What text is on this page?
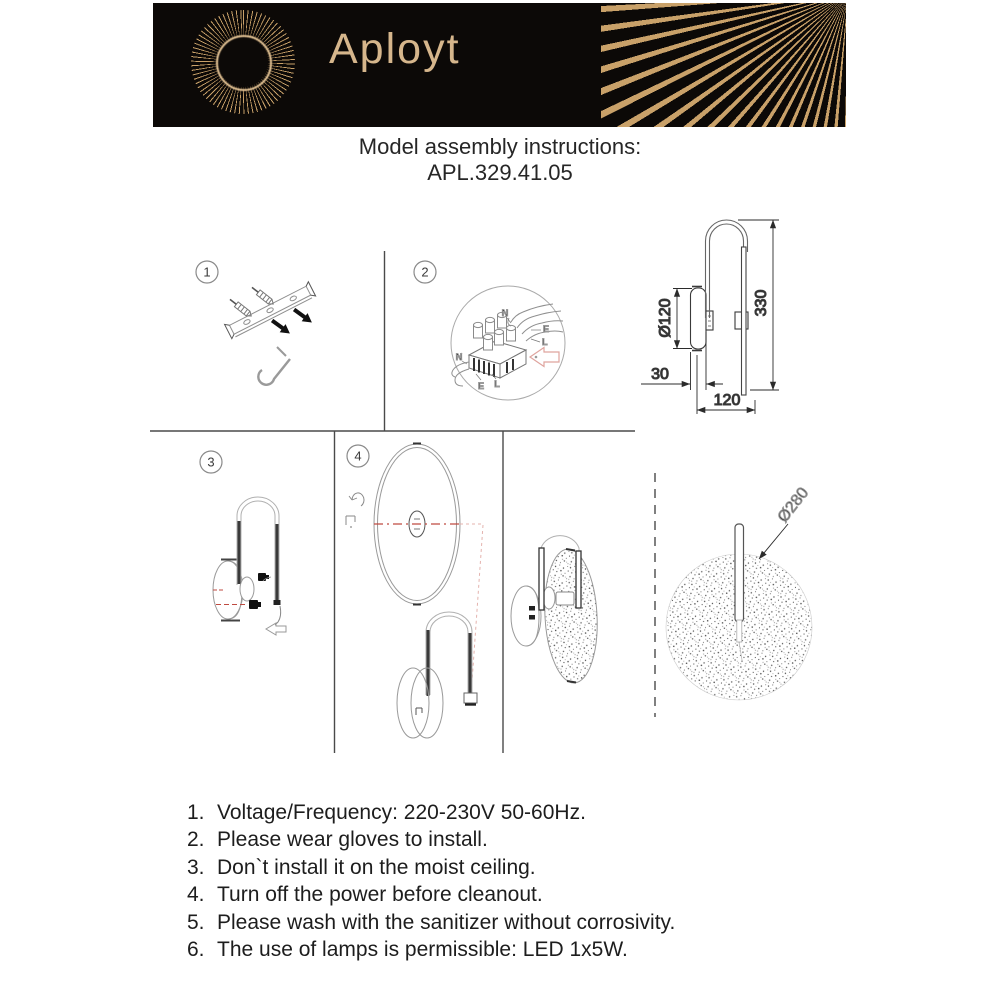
Aployt
Model assembly instructions:
APL.329.41.05
1	2
3	4
N
E
L
N
E L
330
Ø120
30
120
Ø280
1. Voltage/Frequency: 220-230V 50-60Hz.
2. Please wear gloves to install.
3. Don`t install it on the moist ceiling.
4. Turn off the power before cleanout.
5. Please wash with the sanitizer without corrosivity.
6. The use of lamps is permissible: LED 1x5W.
